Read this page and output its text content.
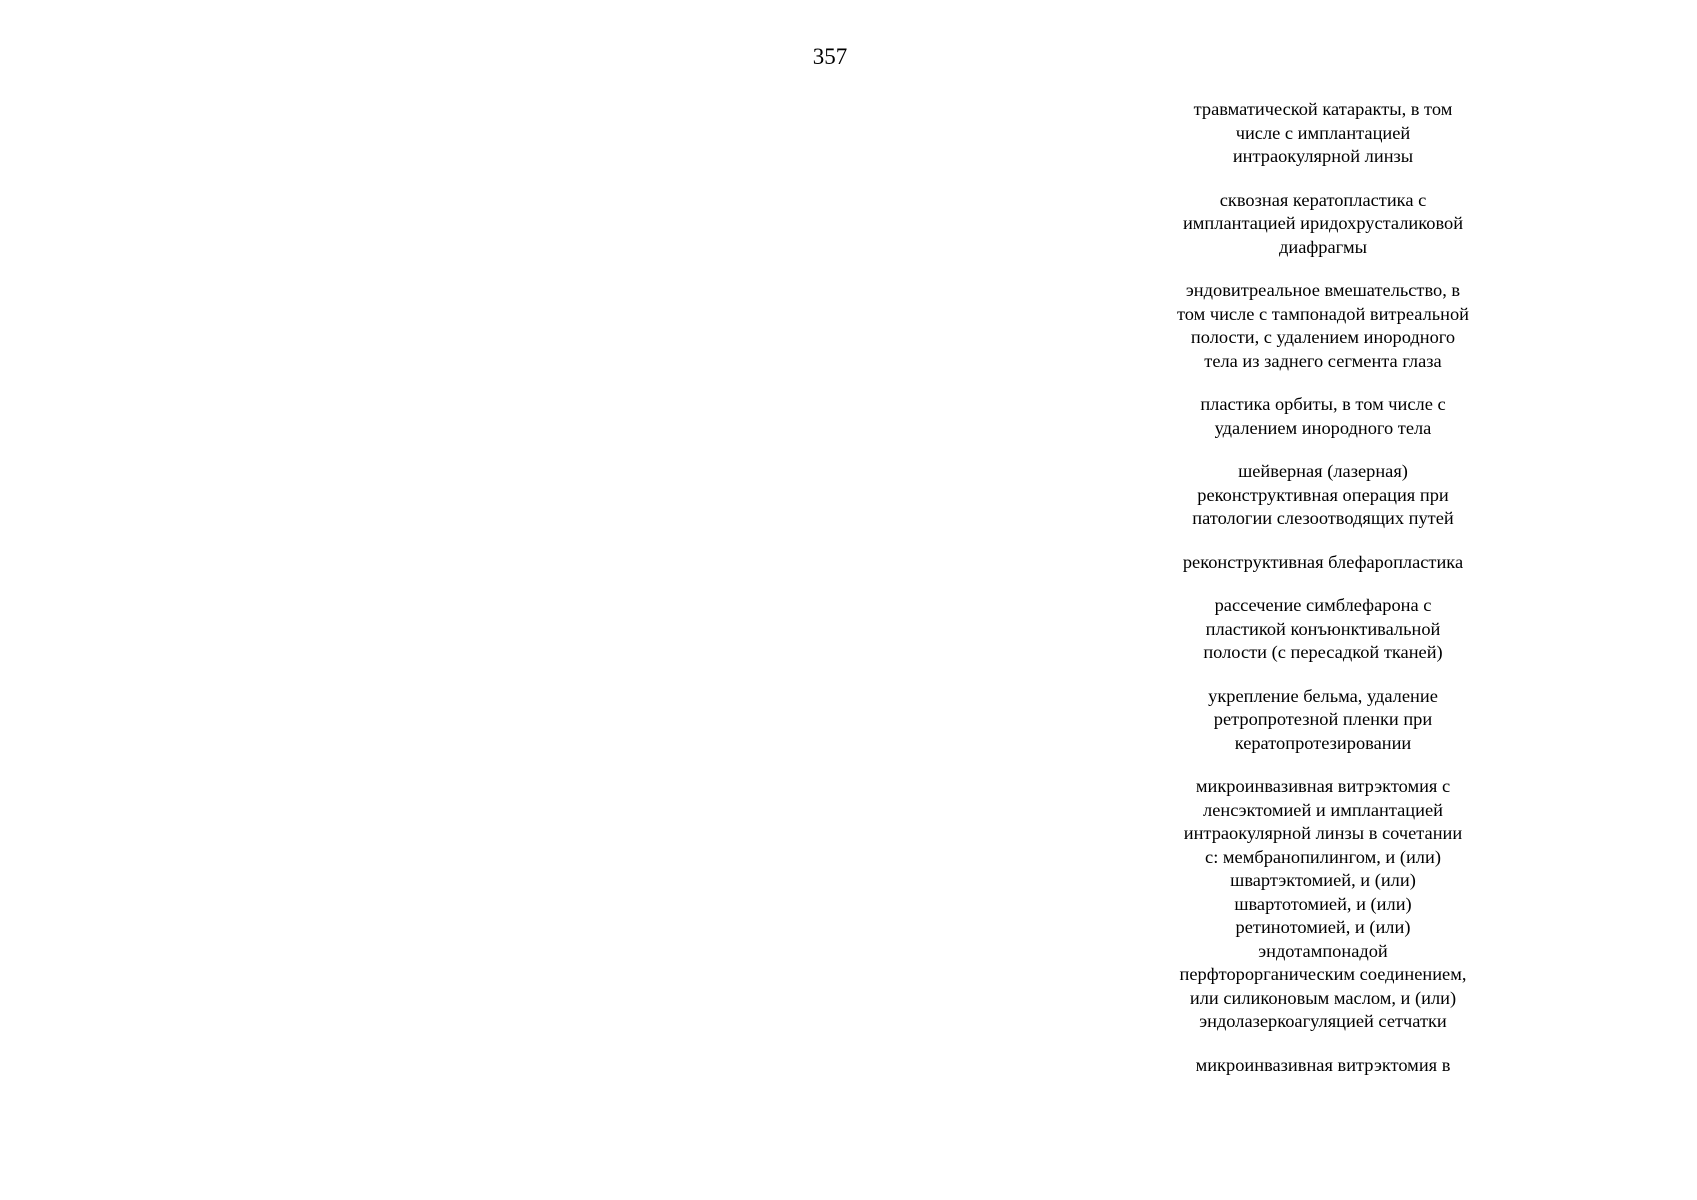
357
травматической катаракты, в том
числе с имплантацией
интраокулярной линзы
сквозная кератопластика с
имплантацией иридохрусталиковой
диафрагмы
эндовитреальное вмешательство, в
том числе с тампонадой витреальной
полости, с удалением инородного
тела из заднего сегмента глаза
пластика орбиты, в том числе с
удалением инородного тела
шейверная (лазерная)
реконструктивная операция при
патологии слезоотводящих путей
реконструктивная блефаропластика
рассечение симблефарона с
пластикой конъюнктивальной
полости (с пересадкой тканей)
укрепление бельма, удаление
ретропротезной пленки при
кератопротезировании
микроинвазивная витрэктомия с
ленсэктомией и имплантацией
интраокулярной линзы в сочетании
с: мембранопилингом, и (или)
швартэктомией, и (или)
швартотомией, и (или)
ретинотомией, и (или)
эндотампонадой
перфторорганическим соединением,
или силиконовым маслом, и (или)
эндолазеркоагуляцией сетчатки
микроинвазивная витрэктомия в
